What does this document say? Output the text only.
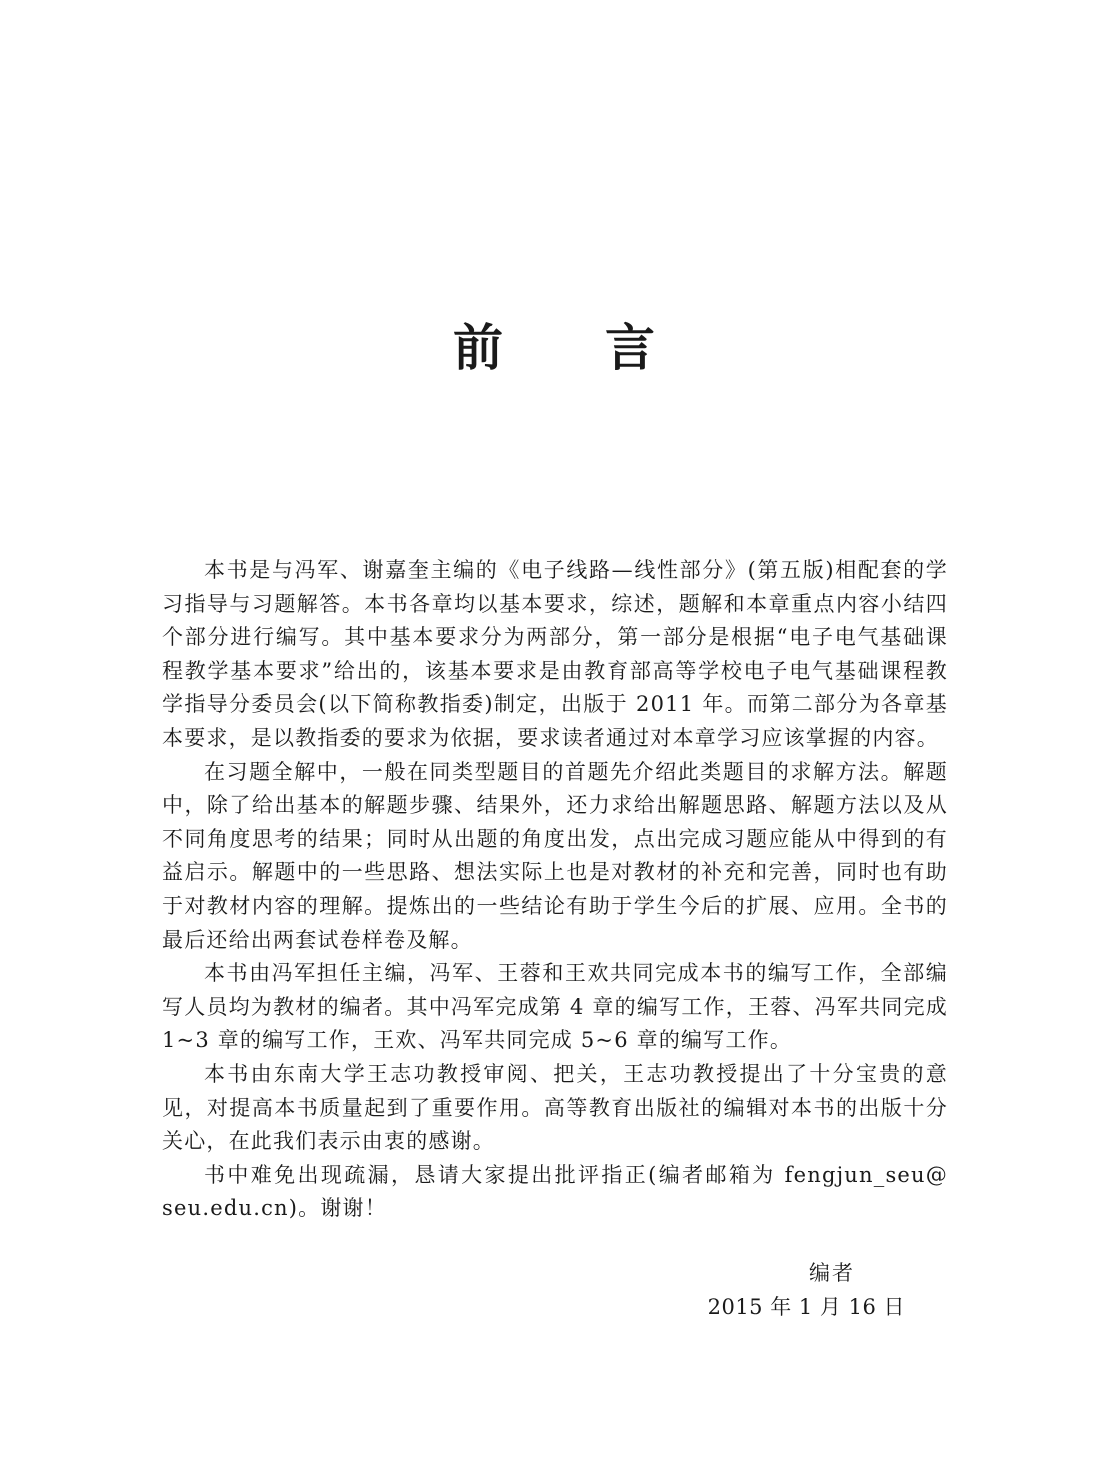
前言

本书是与冯军、谢嘉奎主编的《电子线路—线性部分》(第五版)相配套的学习指导与习题解答。本书各章均以基本要求，综述，题解和本章重点内容小结四个部分进行编写。其中基本要求分为两部分，第一部分是根据“电子电气基础课程教学基本要求”给出的，该基本要求是由教育部高等学校电子电气基础课程教学指导分委员会(以下简称教指委)制定，出版于 2011 年。而第二部分为各章基本要求，是以教指委的要求为依据，要求读者通过对本章学习应该掌握的内容。

在习题全解中，一般在同类型题目的首题先介绍此类题目的求解方法。解题中，除了给出基本的解题步骤、结果外，还力求给出解题思路、解题方法以及从不同角度思考的结果；同时从出题的角度出发，点出完成习题应能从中得到的有益启示。解题中的一些思路、想法实际上也是对教材的补充和完善，同时也有助于对教材内容的理解。提炼出的一些结论有助于学生今后的扩展、应用。全书的最后还给出两套试卷样卷及解。

本书由冯军担任主编，冯军、王蓉和王欢共同完成本书的编写工作，全部编写人员均为教材的编者。其中冯军完成第 4 章的编写工作，王蓉、冯军共同完成 1~3 章的编写工作，王欢、冯军共同完成 5~6 章的编写工作。

本书由东南大学王志功教授审阅、把关，王志功教授提出了十分宝贵的意见，对提高本书质量起到了重要作用。高等教育出版社的编辑对本书的出版十分关心，在此我们表示由衷的感谢。

书中难免出现疏漏，恳请大家提出批评指正(编者邮箱为 fengjun_seu@ seu.edu.cn)。谢谢！

编者
2015 年 1 月 16 日
